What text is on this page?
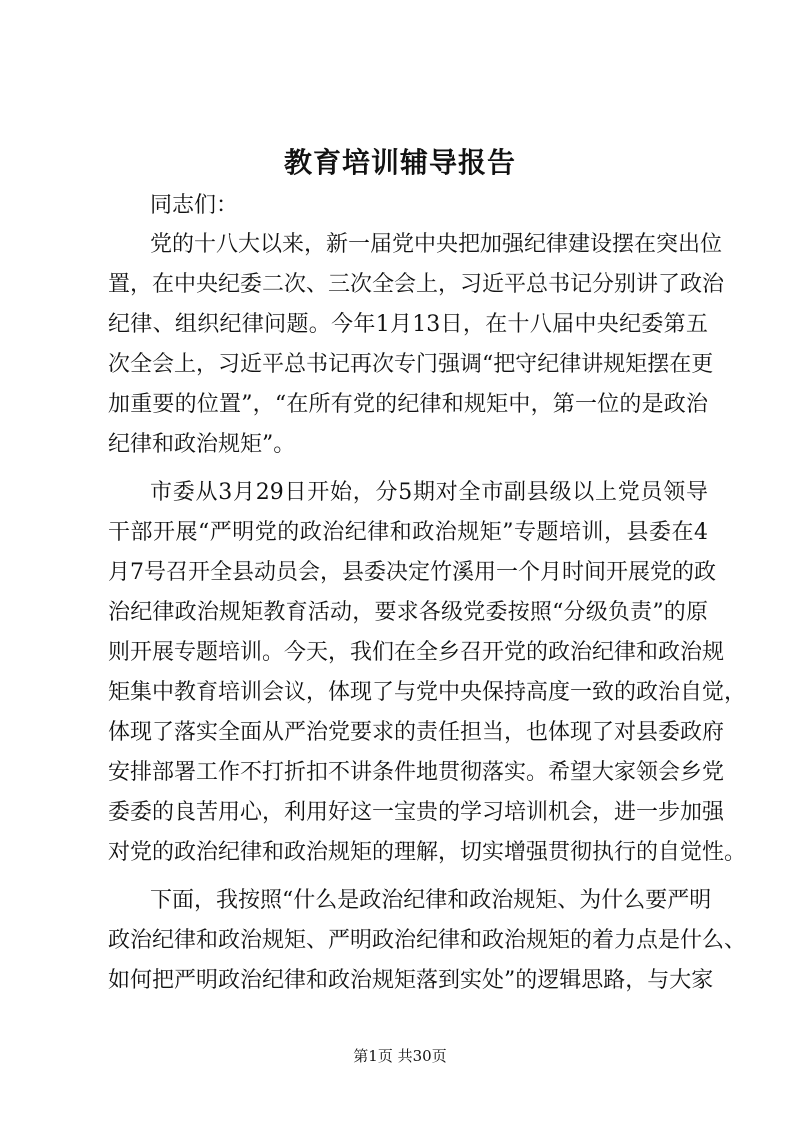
教育培训辅导报告
同志们：
党的十八大以来，新一届党中央把加强纪律建设摆在突出位
置，在中央纪委二次、三次全会上，习近平总书记分别讲了政治
纪律、组织纪律问题。今年1月13日，在十八届中央纪委第五
次全会上，习近平总书记再次专门强调“把守纪律讲规矩摆在更
加重要的位置”，“在所有党的纪律和规矩中，第一位的是政治
纪律和政治规矩”。
市委从3月29日开始，分5期对全市副县级以上党员领导
干部开展“严明党的政治纪律和政治规矩”专题培训，县委在4
月7号召开全县动员会，县委决定竹溪用一个月时间开展党的政
治纪律政治规矩教育活动，要求各级党委按照“分级负责”的原
则开展专题培训。今天，我们在全乡召开党的政治纪律和政治规
矩集中教育培训会议，体现了与党中央保持高度一致的政治自觉，
体现了落实全面从严治党要求的责任担当，也体现了对县委政府
安排部署工作不打折扣不讲条件地贯彻落实。希望大家领会乡党
委委的良苦用心，利用好这一宝贵的学习培训机会，进一步加强
对党的政治纪律和政治规矩的理解，切实增强贯彻执行的自觉性。
下面，我按照“什么是政治纪律和政治规矩、为什么要严明
政治纪律和政治规矩、严明政治纪律和政治规矩的着力点是什么、
如何把严明政治纪律和政治规矩落到实处”的逻辑思路，与大家
第1页 共30页
